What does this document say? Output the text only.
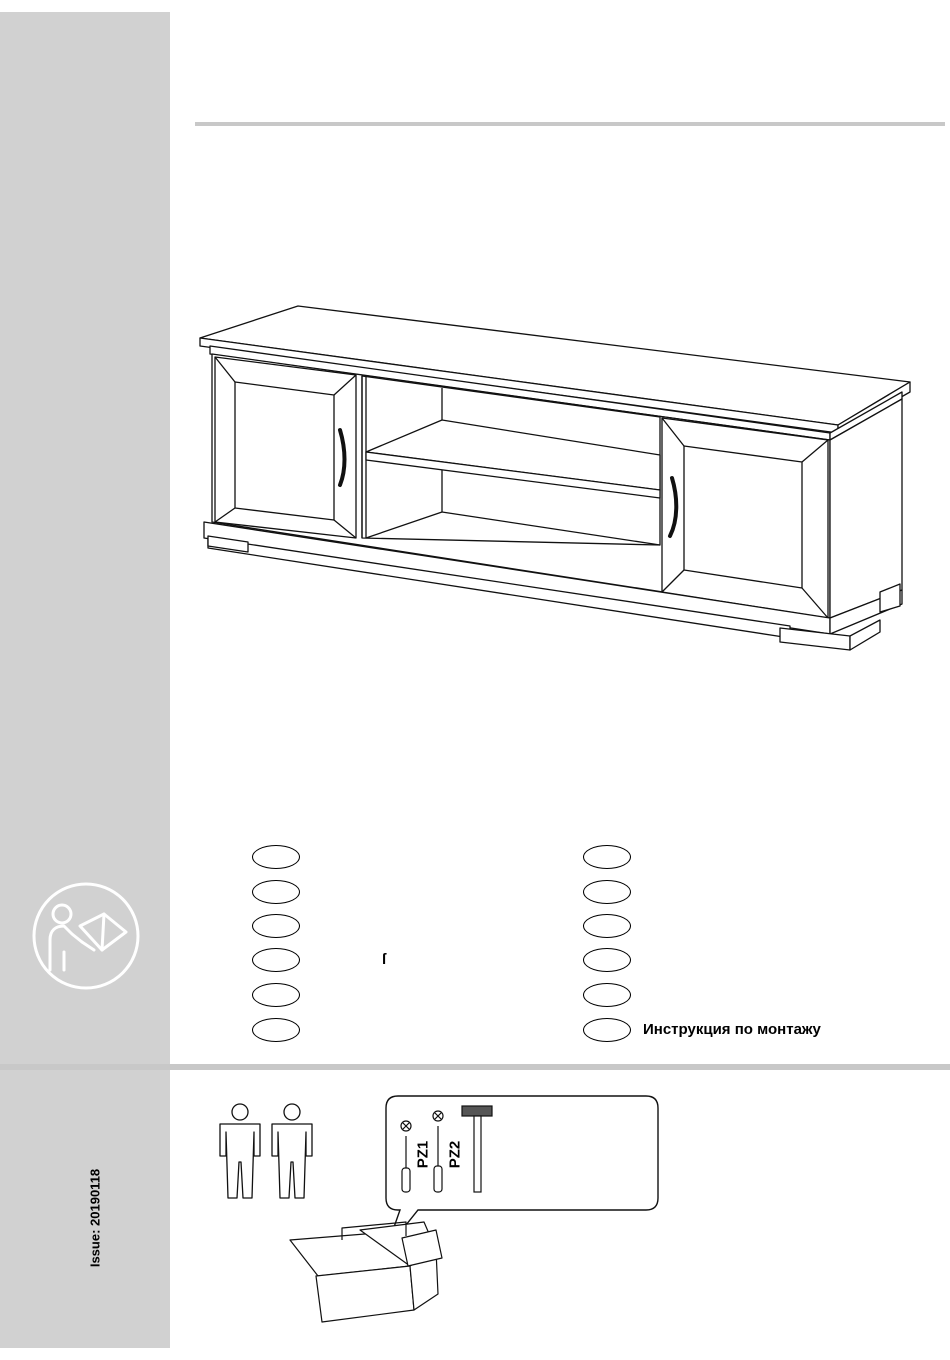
ſ
Инструкция по монтажу
Issue: 20190118
PZ1 PZ2
